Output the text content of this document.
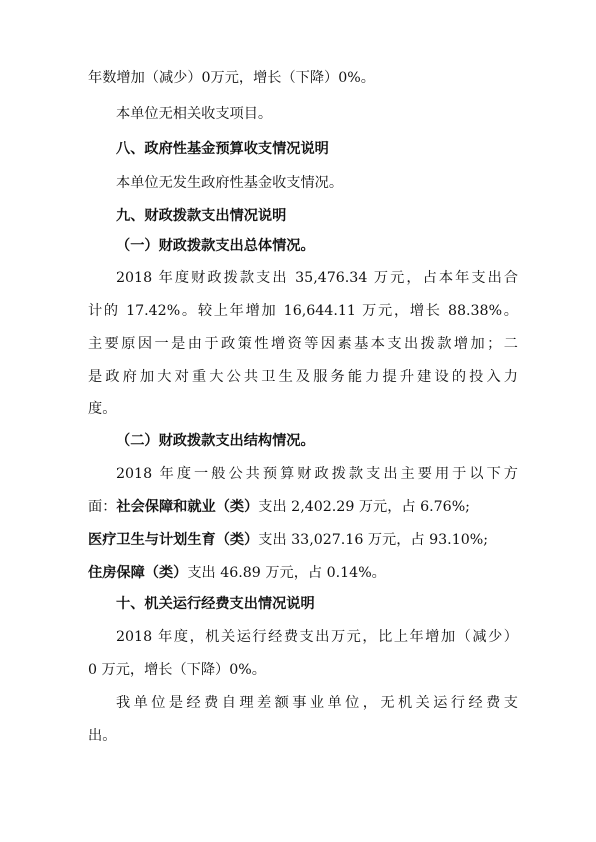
年数增加（减少）0万元，增长（下降）0%。
本单位无相关收支项目。
八、政府性基金预算收支情况说明
本单位无发生政府性基金收支情况。
九、财政拨款支出情况说明
（一）财政拨款支出总体情况。
2018 年度财政拨款支出 35,476.34 万元，占本年支出合
计的 17.42%。较上年增加 16,644.11 万元，增长 88.38%。
主要原因一是由于政策性增资等因素基本支出拨款增加；二
是政府加大对重大公共卫生及服务能力提升建设的投入力
度。
（二）财政拨款支出结构情况。
2018 年度一般公共预算财政拨款支出主要用于以下方
面：社会保障和就业（类）支出 2,402.29 万元，占 6.76%;
医疗卫生与计划生育（类）支出 33,027.16 万元，占 93.10%;
住房保障（类）支出 46.89 万元，占 0.14%。
十、机关运行经费支出情况说明
2018 年度，机关运行经费支出万元，比上年增加（减少）
0 万元，增长（下降）0%。
我单位是经费自理差额事业单位，无机关运行经费支
出。
